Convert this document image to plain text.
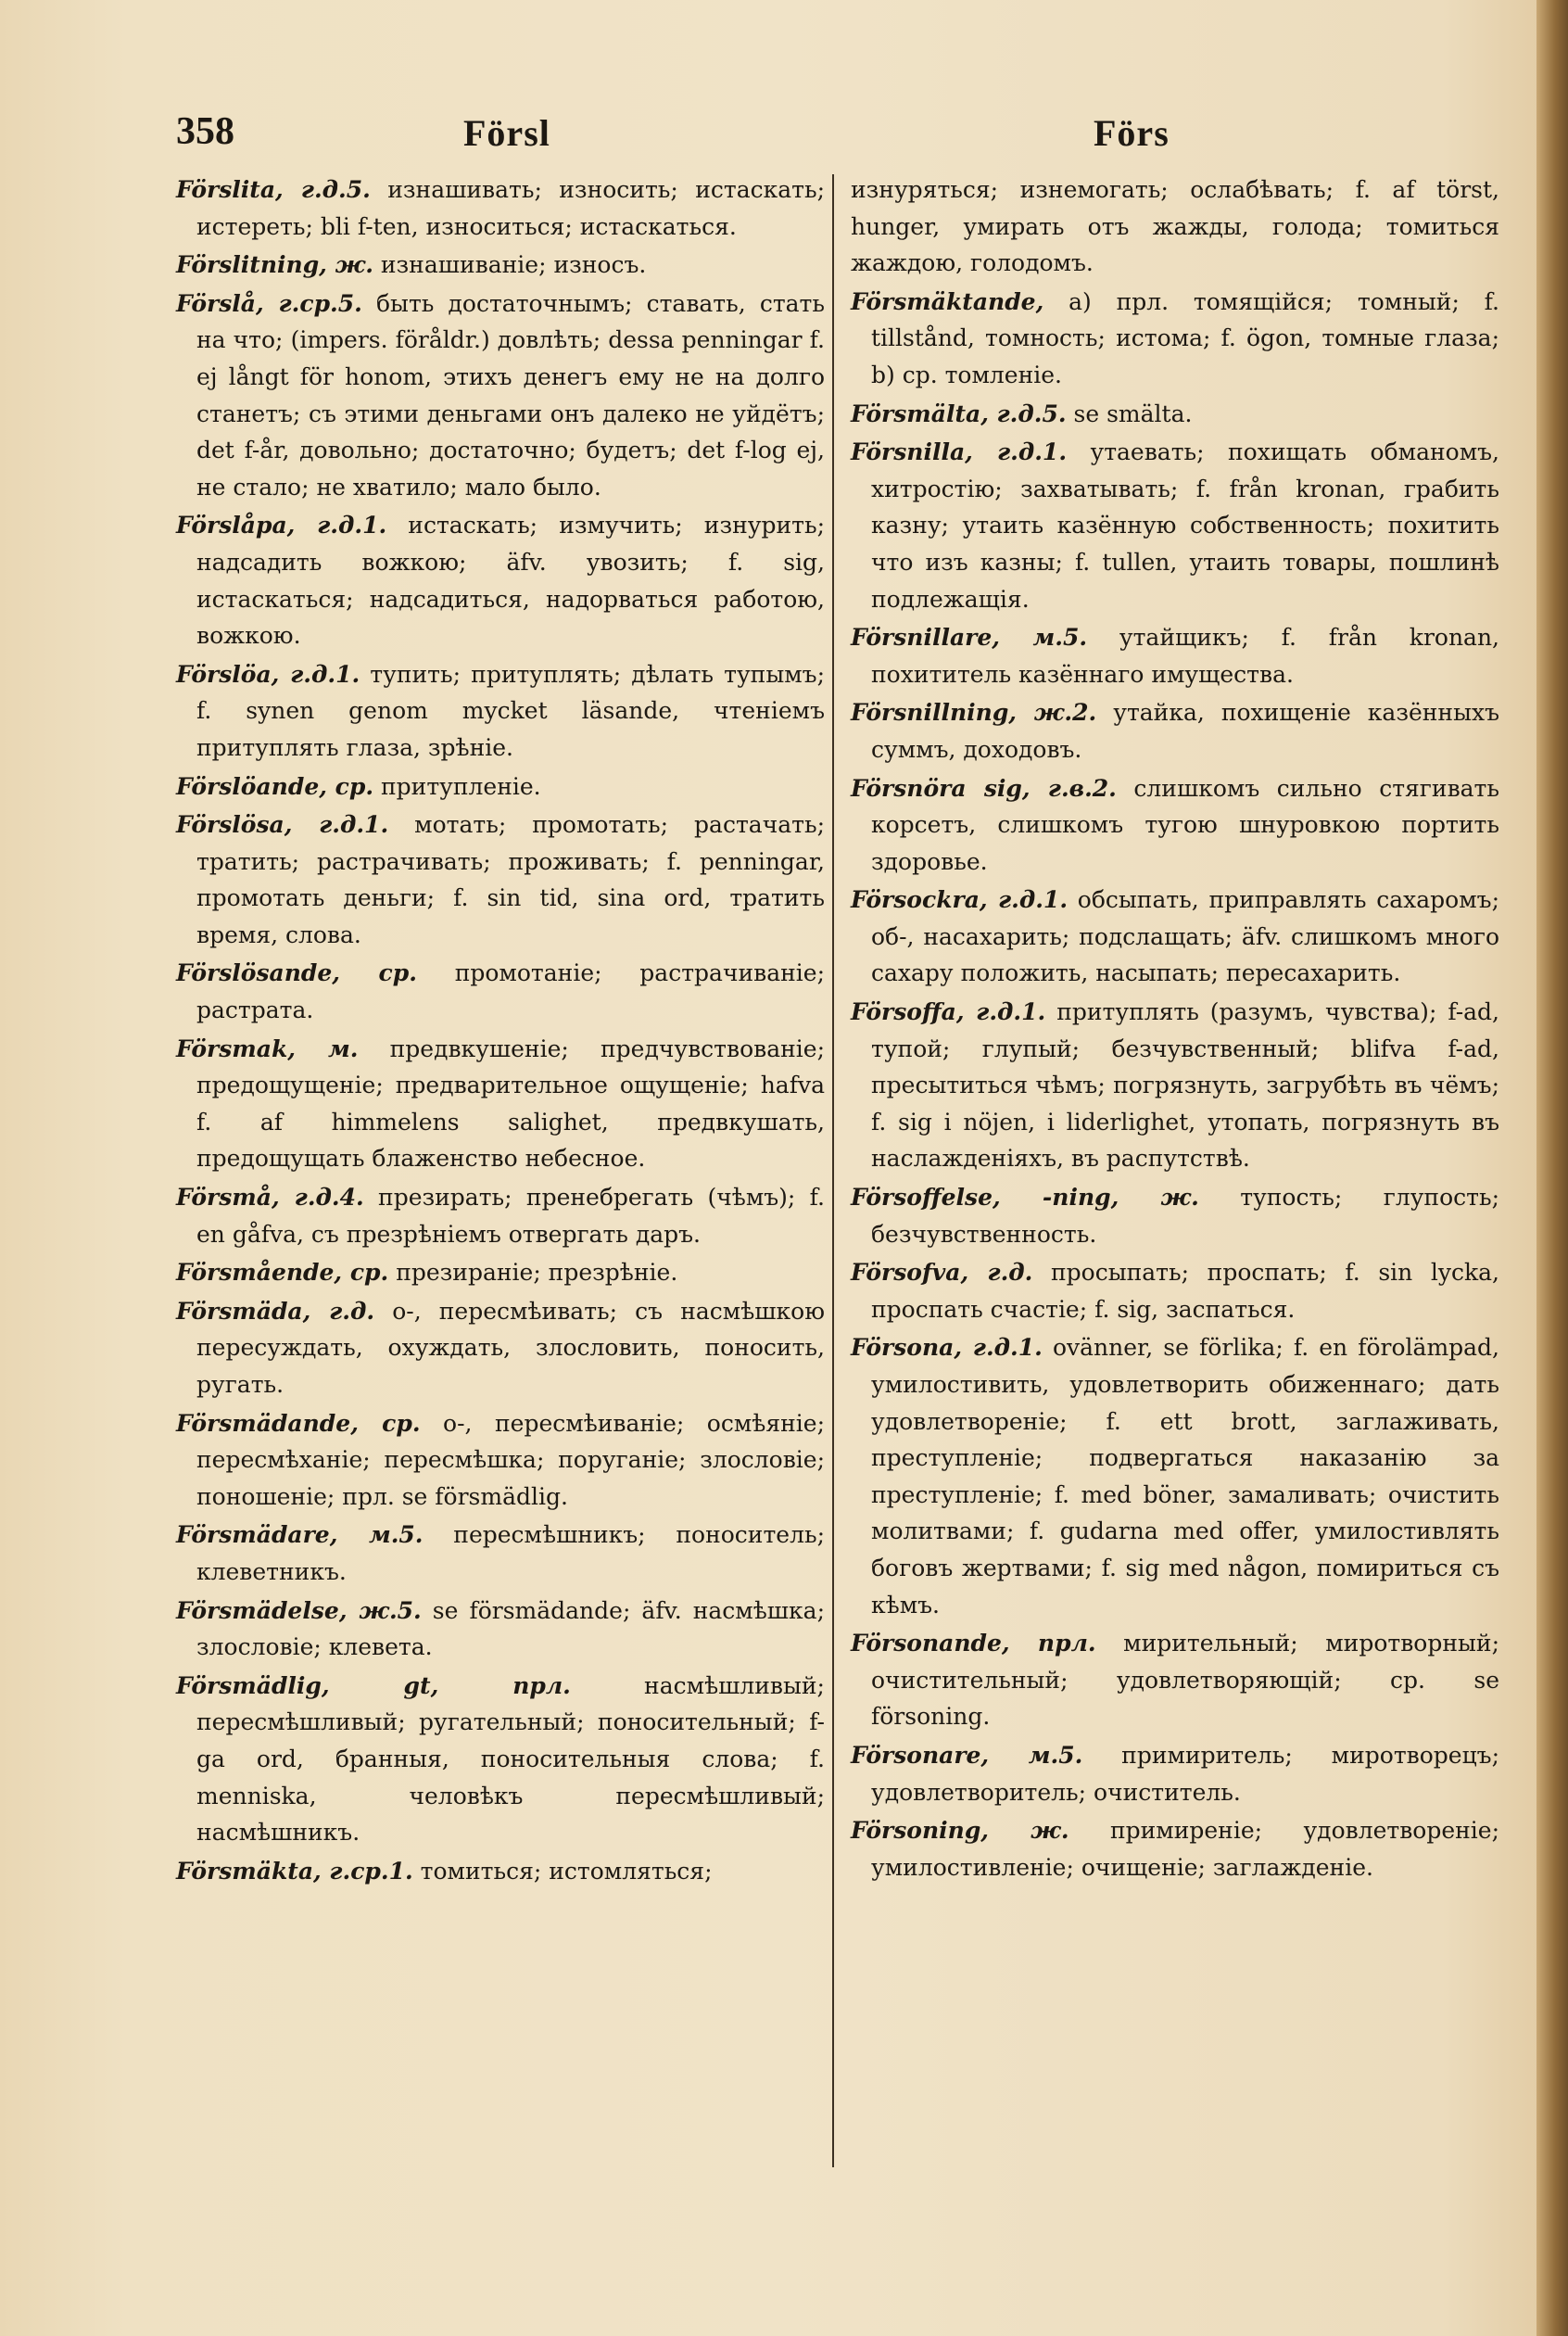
358	Försl	Förs
Förslita, г.д.5. изнашивать; износить; истаскать; истереть; bli f-ten, износиться; истаскаться.
Förslitning, ж. изнашиваніе; износъ.
Förslå, г.ср.5. быть достаточнымъ; ставать, стать на что; (impers. föråldr.) довлѣть; dessa penningar f. ej långt för honom, этихъ денегъ ему не на долго станетъ; съ этими деньгами онъ далеко не уйдётъ; det f-år, довольно; достаточно; будетъ; det f-log ej, не стало; не хватило; мало было.
Förslåpa, г.д.1. истаскать; измучить; изнурить; надсадить вожкою; äfv. увозить; f. sig, истаскаться; надсадиться, надорваться работою, вожкою.
Förslöa, г.д.1. тупить; притуплять; дѣлать тупымъ; f. synen genom mycket läsande, чтеніемъ притуплять глаза, зрѣніе.
Förslöande, ср. притупленіе.
Förslösa, г.д.1. мотать; промотать; растачать; тратить; растрачивать; проживать; f. penningar, промотать деньги; f. sin tid, sina ord, тратить время, слова.
Förslösande, ср. промотаніе; растрачиваніе; растрата.
Försmak, м. предвкушеніе; предчувствованіе; предощущеніе; предварительное ощущеніе; hafva f. af himmelens salighet, предвкушать, предощущать блаженство небесное.
Försmå, г.д.4. презирать; пренебрегать (чѣмъ); f. en gåfva, съ презрѣніемъ отвергать даръ.
Försmående, ср. презираніе; презрѣніе.
Försmäda, г.д. о-, пересмѣивать; съ насмѣшкою пересуждать, охуждать, злословить, поносить, ругать.
Försmädande, ср. о-, пересмѣиваніе; осмѣяніе; пересмѣханіе; пересмѣшка; поруганіе; злословіе; поношеніе; прл. se försmädlig.
Försmädare, м.5. пересмѣшникъ; поноситель; клеветникъ.
Försmädelse, ж.5. se försmädande; äfv. насмѣшка; злословіе; клевета.
Försmädlig, gt, прл. насмѣшливый; пересмѣшливый; ругательный; поносительный; f-ga ord, бранныя, поносительныя слова; f. menniska, человѣкъ пересмѣшливый; насмѣшникъ.
Försmäkta, г.ср.1. томиться; истомляться;
изнуряться; изнемогать; ослабѣвать; f. af törst, hunger, умирать отъ жажды, голода; томиться жаждою, голодомъ.
Försmäktande, a) прл. томящійся; томный; f. tillstånd, томность; истома; f. ögon, томные глаза; b) ср. томленіе.
Försmälta, г.д.5. se smälta.
Försnilla, г.д.1. утаевать; похищать обманомъ, хитростію; захватывать; f. från kronan, грабить казну; утаить казённую собственность; похитить что изъ казны; f. tullen, утаить товары, пошлинѣ подлежащія.
Försnillare, м.5. утайщикъ; f. från kronan, похититель казённаго имущества.
Försnillning, ж.2. утайка, похищеніе казённыхъ суммъ, доходовъ.
Försnöra sig, г.в.2. слишкомъ сильно стягивать корсетъ, слишкомъ тугою шнуровкою портить здоровье.
Försockra, г.д.1. обсыпать, приправлять сахаромъ; об-, насахарить; подслащать; äfv. слишкомъ много сахару положить, насыпать; пересахарить.
Försoffa, г.д.1. притуплять (разумъ, чувства); f-ad, тупой; глупый; безчувственный; blifva f-ad, пресытиться чѣмъ; погрязнуть, загрубѣть въ чёмъ; f. sig i nöjen, i liderlighet, утопать, погрязнуть въ наслажденіяхъ, въ распутствѣ.
Försoffelse, -ning, ж. тупость; глупость; безчувственность.
Försofva, г.д. просыпать; проспать; f. sin lycka, проспать счастіе; f. sig, заспаться.
Försona, г.д.1. ovänner, se förlika; f. en förolämpad, умилостивить, удовлетворить обиженнаго; дать удовлетвореніе; f. ett brott, заглаживать, преступленіе; подвергаться наказанію за преступленіе; f. med böner, замаливать; очистить молитвами; f. gudarna med offer, умилостивлять боговъ жертвами; f. sig med någon, помириться съ кѣмъ.
Försonande, прл. мирительный; миротворный; очистительный; удовлетворяющій; ср. se försoning.
Försonare, м.5. примиритель; миротворецъ; удовлетворитель; очиститель.
Försoning, ж. примиреніе; удовлетвореніе; умилостивленіе; очищеніе; заглажденіе.
